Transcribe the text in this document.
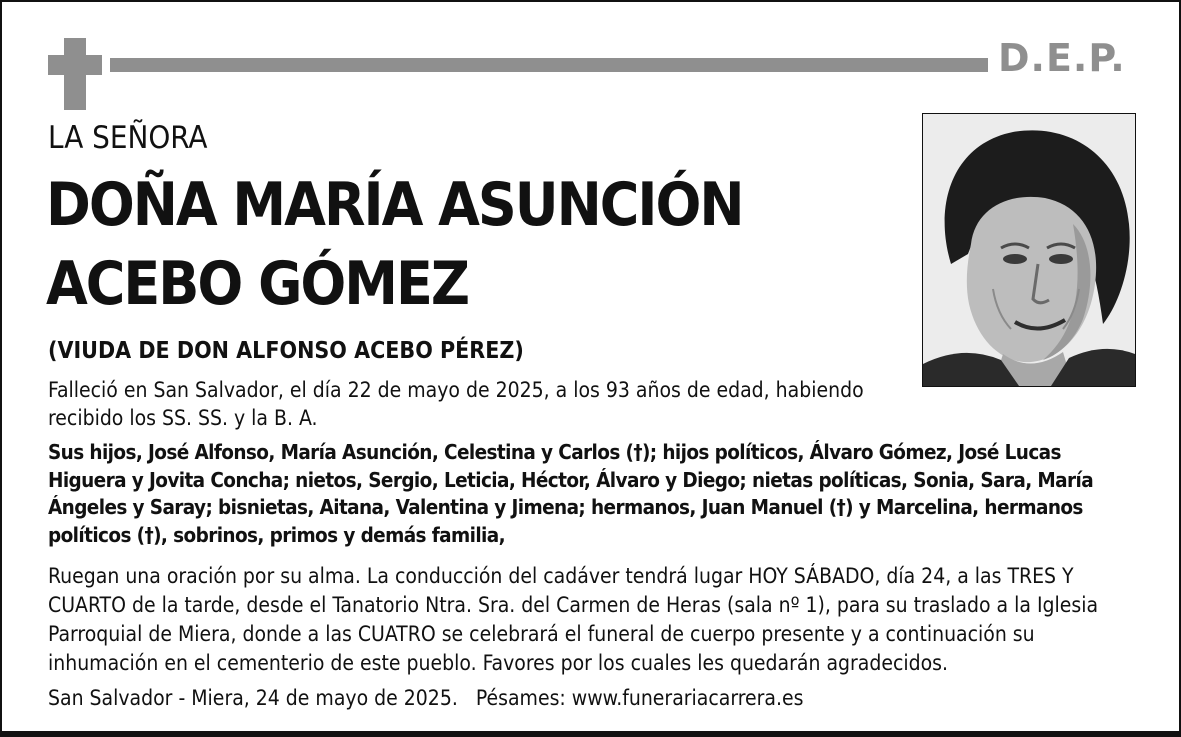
D.E.P.
LA SEÑORA
DOÑA MARÍA ASUNCIÓN
ACEBO GÓMEZ
(VIUDA DE DON ALFONSO ACEBO PÉREZ)

Falleció en San Salvador, el día 22 de mayo de 2025, a los 93 años de edad, habiendo recibido los SS. SS. y la B. A.

Sus hijos, José Alfonso, María Asunción, Celestina y Carlos (†); hijos políticos, Álvaro Gómez, José Lucas Higuera y Jovita Concha; nietos, Sergio, Leticia, Héctor, Álvaro y Diego; nietas políticas, Sonia, Sara, María Ángeles y Saray; bisnietas, Aitana, Valentina y Jimena; hermanos, Juan Manuel (†) y Marcelina, hermanos políticos (†), sobrinos, primos y demás familia,

Ruegan una oración por su alma. La conducción del cadáver tendrá lugar HOY SÁBADO, día 24, a las TRES Y CUARTO de la tarde, desde el Tanatorio Ntra. Sra. del Carmen de Heras (sala nº 1), para su traslado a la Iglesia Parroquial de Miera, donde a las CUATRO se celebrará el funeral de cuerpo presente y a continuación su inhumación en el cementerio de este pueblo. Favores por los cuales les quedarán agradecidos.

San Salvador - Miera, 24 de mayo de 2025. Pésames: www.funerariacarrera.es
